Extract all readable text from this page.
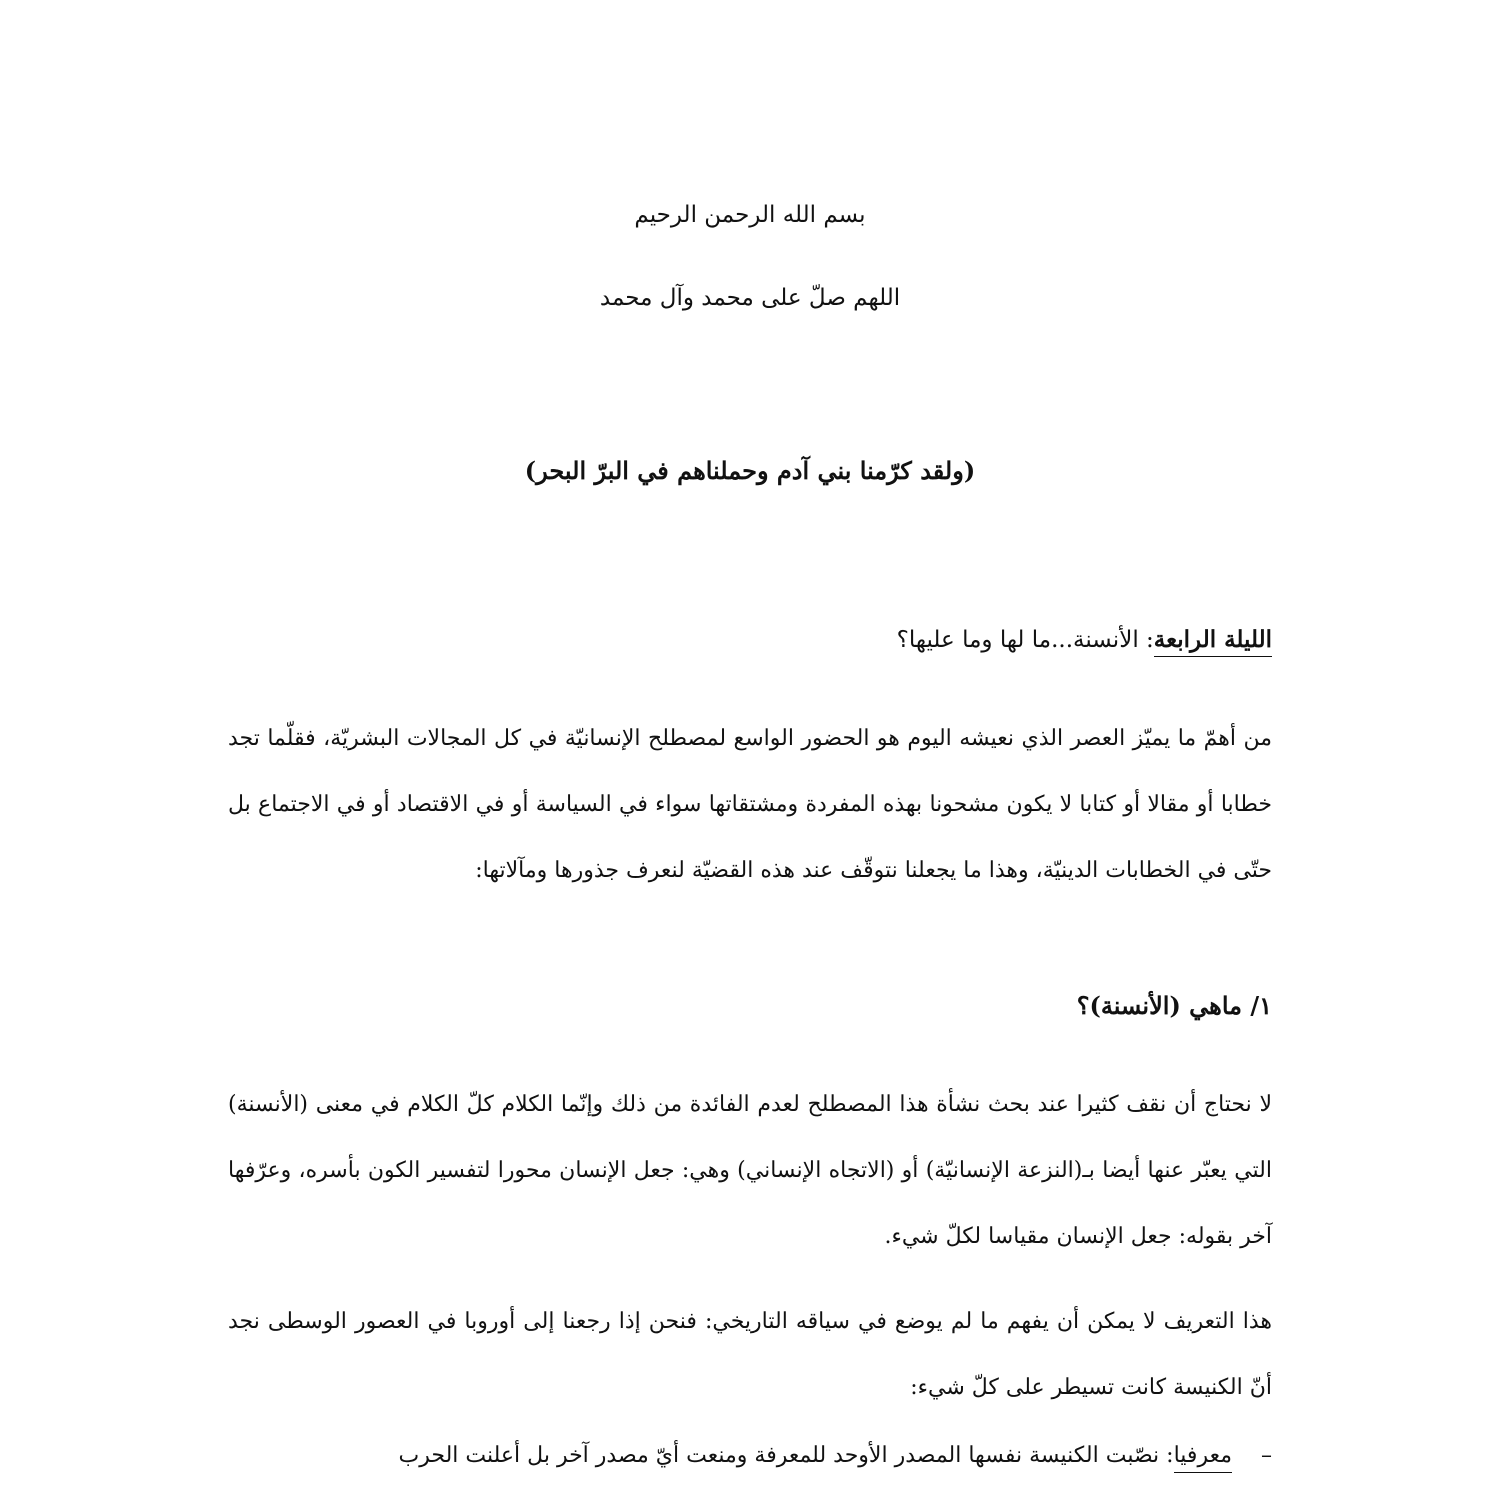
بسم الله الرحمن الرحيم
اللهم صلّ على محمد وآل محمد
(ولقد كرّمنا بني آدم وحملناهم في البرّ البحر)
الليلة الرابعة: الأنسنة...ما لها وما عليها؟

من أهمّ ما يميّز العصر الذي نعيشه اليوم هو الحضور الواسع لمصطلح الإنسانيّة في كل المجالات البشريّة، فقلّما تجد خطابا أو مقالا أو كتابا لا يكون مشحونا بهذه المفردة ومشتقاتها سواء في السياسة أو في الاقتصاد أو في الاجتماع بل حتّى في الخطابات الدينيّة، وهذا ما يجعلنا نتوقّف عند هذه القضيّة لنعرف جذورها ومآلاتها:

١/ ماهي (الأنسنة)؟

لا نحتاج أن نقف كثيرا عند بحث نشأة هذا المصطلح لعدم الفائدة من ذلك وإنّما الكلام كلّ الكلام في معنى (الأنسنة) التي يعبّر عنها أيضا بـ(النزعة الإنسانيّة) أو (الاتجاه الإنساني) وهي: جعل الإنسان محورا لتفسير الكون بأسره، وعرّفها آخر بقوله: جعل الإنسان مقياسا لكلّ شيء.

هذا التعريف لا يمكن أن يفهم ما لم يوضع في سياقه التاريخي: فنحن إذا رجعنا إلى أوروبا في العصور الوسطى نجد أنّ الكنيسة كانت تسيطر على كلّ شيء:

–معرفيا: نصّبت الكنيسة نفسها المصدر الأوحد للمعرفة ومنعت أيّ مصدر آخر بل أعلنت الحرب
